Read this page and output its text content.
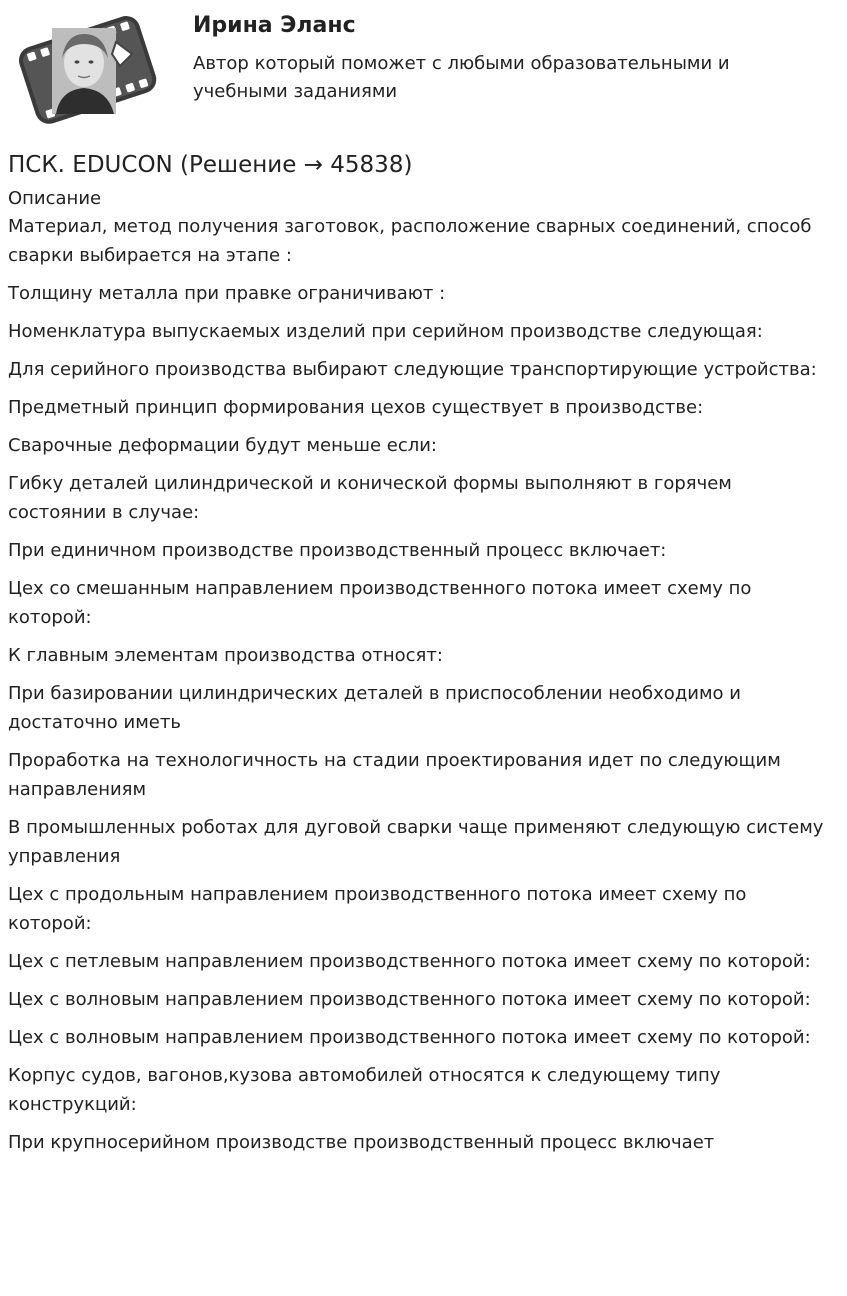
Ирина Эланс

Автор который поможет с любыми образовательными и учебными заданиями

ПСК. EDUCON (Решение → 45838)
Описание
Материал, метод получения заготовок, расположение сварных соединений, способ сварки выбирается на этапе :
Толщину металла при правке ограничивают :
Номенклатура выпускаемых изделий при серийном производстве следующая:
Для серийного производства выбирают следующие транспортирующие устройства:
Предметный принцип формирования цехов существует в производстве:
Сварочные деформации будут меньше если:
Гибку деталей цилиндрической и конической формы выполняют в горячем состоянии в случае:
При единичном производстве производственный процесс включает:
Цех со смешанным направлением производственного потока имеет схему по которой:
К главным элементам производства относят:
При базировании цилиндрических деталей в приспособлении необходимо и достаточно иметь
Проработка на технологичность на стадии проектирования идет по следующим направлениям
В промышленных роботах для дуговой сварки чаще применяют следующую систему управления
Цех с продольным направлением производственного потока имеет схему по которой:
Цех с петлевым направлением производственного потока имеет схему по которой:
Цех с волновым направлением производственного потока имеет схему по которой:
Цех с волновым направлением производственного потока имеет схему по которой:
Корпус судов, вагонов,кузова автомобилей относятся к следующему типу конструкций:
При крупносерийном производстве производственный процесс включает
